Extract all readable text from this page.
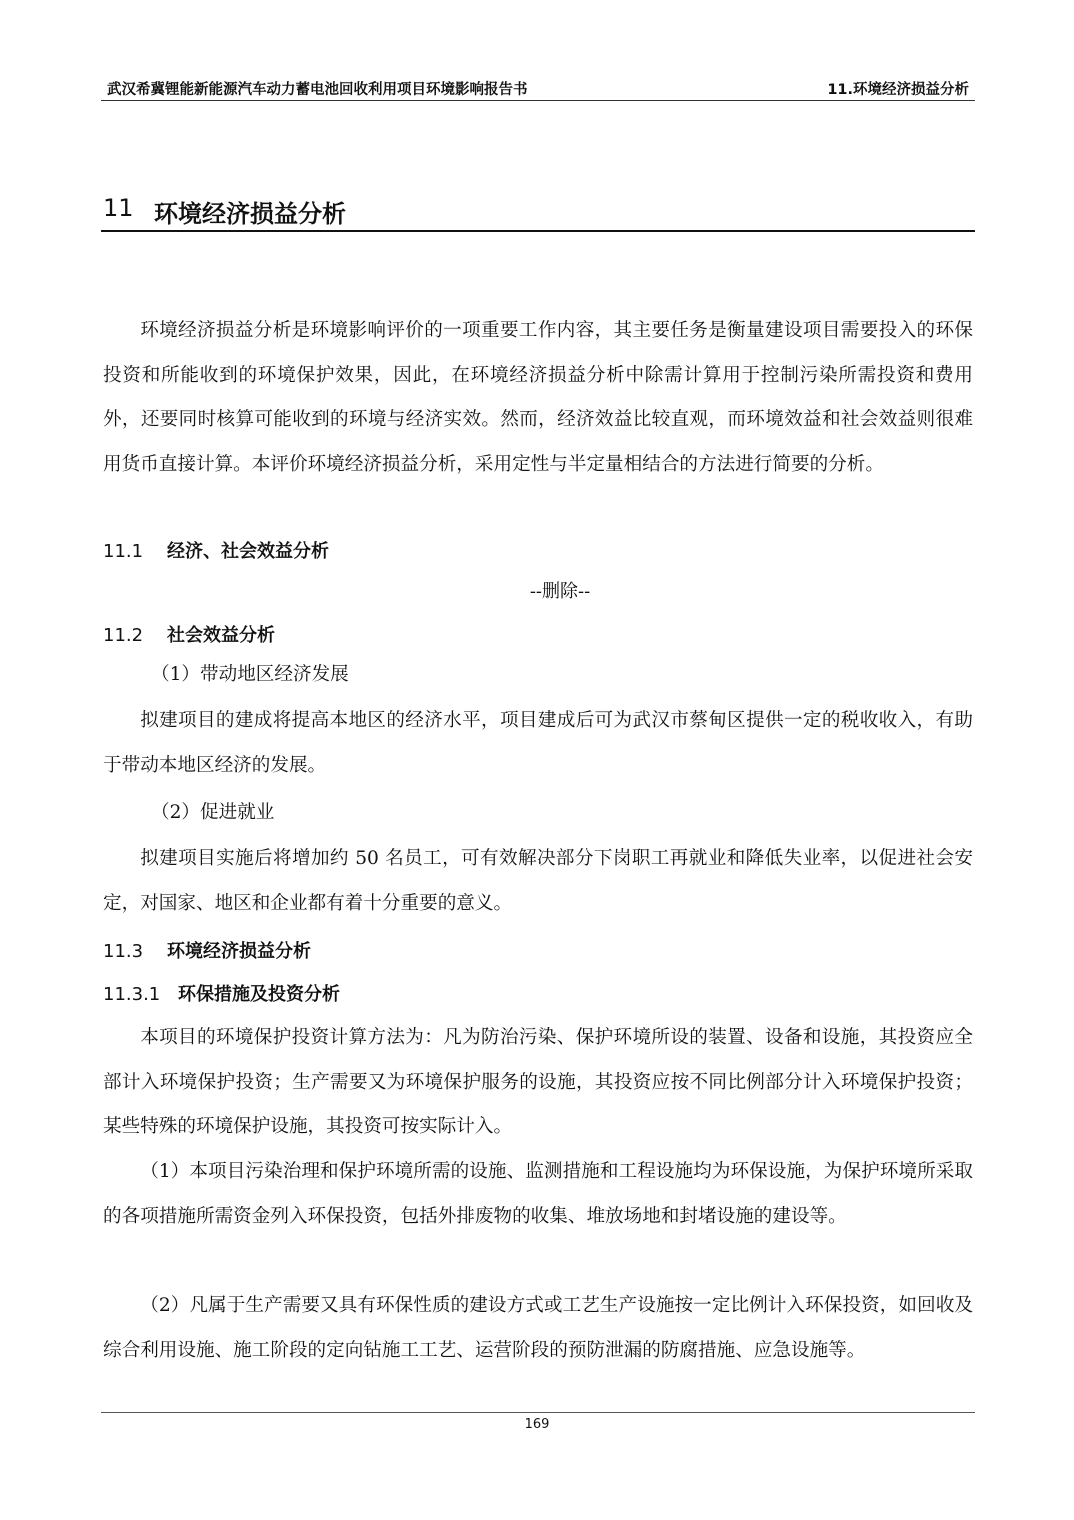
武汉希冀锂能新能源汽车动力蓄电池回收利用项目环境影响报告书	11.环境经济损益分析
11 环境经济损益分析
环境经济损益分析是环境影响评价的一项重要工作内容，其主要任务是衡量建设项目需要投入的环保投资和所能收到的环境保护效果，因此，在环境经济损益分析中除需计算用于控制污染所需投资和费用外，还要同时核算可能收到的环境与经济实效。然而，经济效益比较直观，而环境效益和社会效益则很难用货币直接计算。本评价环境经济损益分析，采用定性与半定量相结合的方法进行简要的分析。
11.1 经济、社会效益分析
--删除--
11.2 社会效益分析
（1）带动地区经济发展
拟建项目的建成将提高本地区的经济水平，项目建成后可为武汉市蔡甸区提供一定的税收收入，有助于带动本地区经济的发展。
（2）促进就业
拟建项目实施后将增加约 50 名员工，可有效解决部分下岗职工再就业和降低失业率，以促进社会安定，对国家、地区和企业都有着十分重要的意义。
11.3 环境经济损益分析
11.3.1 环保措施及投资分析
本项目的环境保护投资计算方法为：凡为防治污染、保护环境所设的装置、设备和设施，其投资应全部计入环境保护投资；生产需要又为环境保护服务的设施，其投资应按不同比例部分计入环境保护投资；某些特殊的环境保护设施，其投资可按实际计入。
（1）本项目污染治理和保护环境所需的设施、监测措施和工程设施均为环保设施，为保护环境所采取的各项措施所需资金列入环保投资，包括外排废物的收集、堆放场地和封堵设施的建设等。
（2）凡属于生产需要又具有环保性质的建设方式或工艺生产设施按一定比例计入环保投资，如回收及综合利用设施、施工阶段的定向钻施工工艺、运营阶段的预防泄漏的防腐措施、应急设施等。
169
